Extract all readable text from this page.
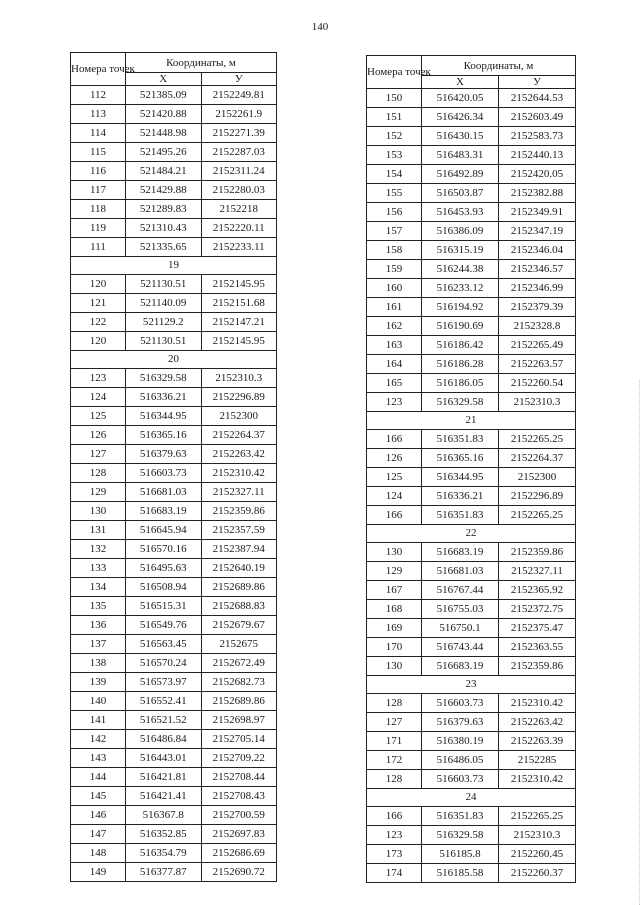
140
Номера точек	Координаты, м	
	X	У
112	521385.09	2152249.81
113	521420.88	2152261.9
114	521448.98	2152271.39
115	521495.26	2152287.03
116	521484.21	2152311.24
117	521429.88	2152280.03
118	521289.83	2152218
119	521310.43	2152220.11
111	521335.65	2152233.11
19		
120	521130.51	2152145.95
121	521140.09	2152151.68
122	521129.2	2152147.21
120	521130.51	2152145.95
20		
123	516329.58	2152310.3
124	516336.21	2152296.89
125	516344.95	2152300
126	516365.16	2152264.37
127	516379.63	2152263.42
128	516603.73	2152310.42
129	516681.03	2152327.11
130	516683.19	2152359.86
131	516645.94	2152357.59
132	516570.16	2152387.94
133	516495.63	2152640.19
134	516508.94	2152689.86
135	516515.31	2152688.83
136	516549.76	2152679.67
137	516563.45	2152675
138	516570.24	2152672.49
139	516573.97	2152682.73
140	516552.41	2152689.86
141	516521.52	2152698.97
142	516486.84	2152705.14
143	516443.01	2152709.22
144	516421.81	2152708.44
145	516421.41	2152708.43
146	516367.8	2152700.59
147	516352.85	2152697.83
148	516354.79	2152686.69
149	516377.87	2152690.72
Номера точек	Координаты, м	
	X	У
150	516420.05	2152644.53
151	516426.34	2152603.49
152	516430.15	2152583.73
153	516483.31	2152440.13
154	516492.89	2152420.05
155	516503.87	2152382.88
156	516453.93	2152349.91
157	516386.09	2152347.19
158	516315.19	2152346.04
159	516244.38	2152346.57
160	516233.12	2152346.99
161	516194.92	2152379.39
162	516190.69	2152328.8
163	516186.42	2152265.49
164	516186.28	2152263.57
165	516186.05	2152260.54
123	516329.58	2152310.3
21		
166	516351.83	2152265.25
126	516365.16	2152264.37
125	516344.95	2152300
124	516336.21	2152296.89
166	516351.83	2152265.25
22		
130	516683.19	2152359.86
129	516681.03	2152327.11
167	516767.44	2152365.92
168	516755.03	2152372.75
169	516750.1	2152375.47
170	516743.44	2152363.55
130	516683.19	2152359.86
23		
128	516603.73	2152310.42
127	516379.63	2152263.42
171	516380.19	2152263.39
172	516486.05	2152285
128	516603.73	2152310.42
24		
166	516351.83	2152265.25
123	516329.58	2152310.3
173	516185.8	2152260.45
174	516185.58	2152260.37
